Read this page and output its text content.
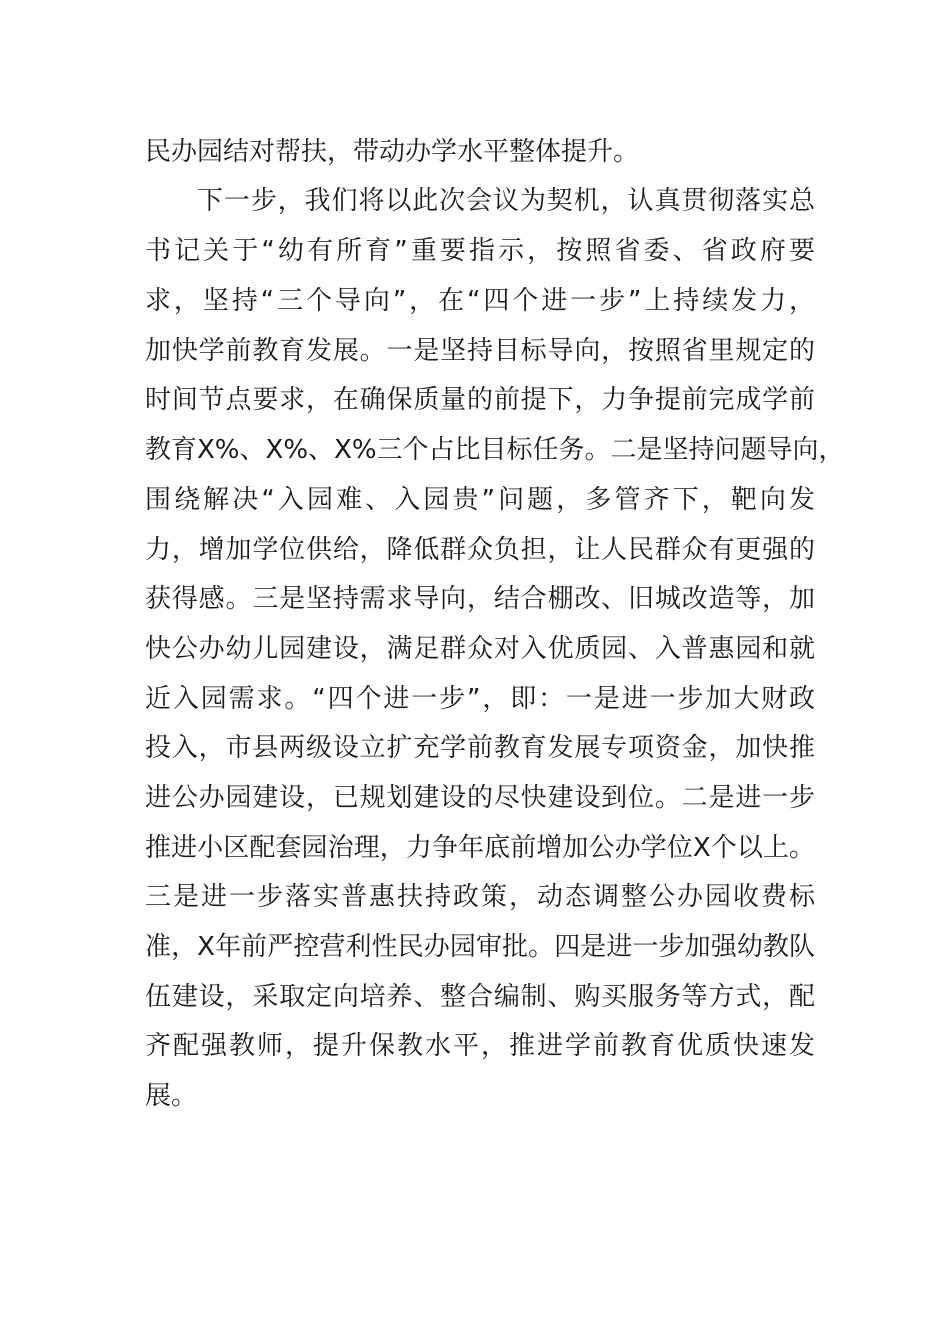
民办园结对帮扶，带动办学水平整体提升。
下一步，我们将以此次会议为契机，认真贯彻落实总
书记关于“幼有所育”重要指示，按照省委、省政府要
求，坚持“三个导向”，在“四个进一步”上持续发力，
加快学前教育发展。一是坚持目标导向，按照省里规定的
时间节点要求，在确保质量的前提下，力争提前完成学前
教育X%、X%、X%三个占比目标任务。二是坚持问题导向，
围绕解决“入园难、入园贵”问题，多管齐下，靶向发
力，增加学位供给，降低群众负担，让人民群众有更强的
获得感。三是坚持需求导向，结合棚改、旧城改造等，加
快公办幼儿园建设，满足群众对入优质园、入普惠园和就
近入园需求。“四个进一步”，即：一是进一步加大财政
投入，市县两级设立扩充学前教育发展专项资金，加快推
进公办园建设，已规划建设的尽快建设到位。二是进一步
推进小区配套园治理，力争年底前增加公办学位X个以上。
三是进一步落实普惠扶持政策，动态调整公办园收费标
准，X年前严控营利性民办园审批。四是进一步加强幼教队
伍建设，采取定向培养、整合编制、购买服务等方式，配
齐配强教师，提升保教水平，推进学前教育优质快速发
展。
